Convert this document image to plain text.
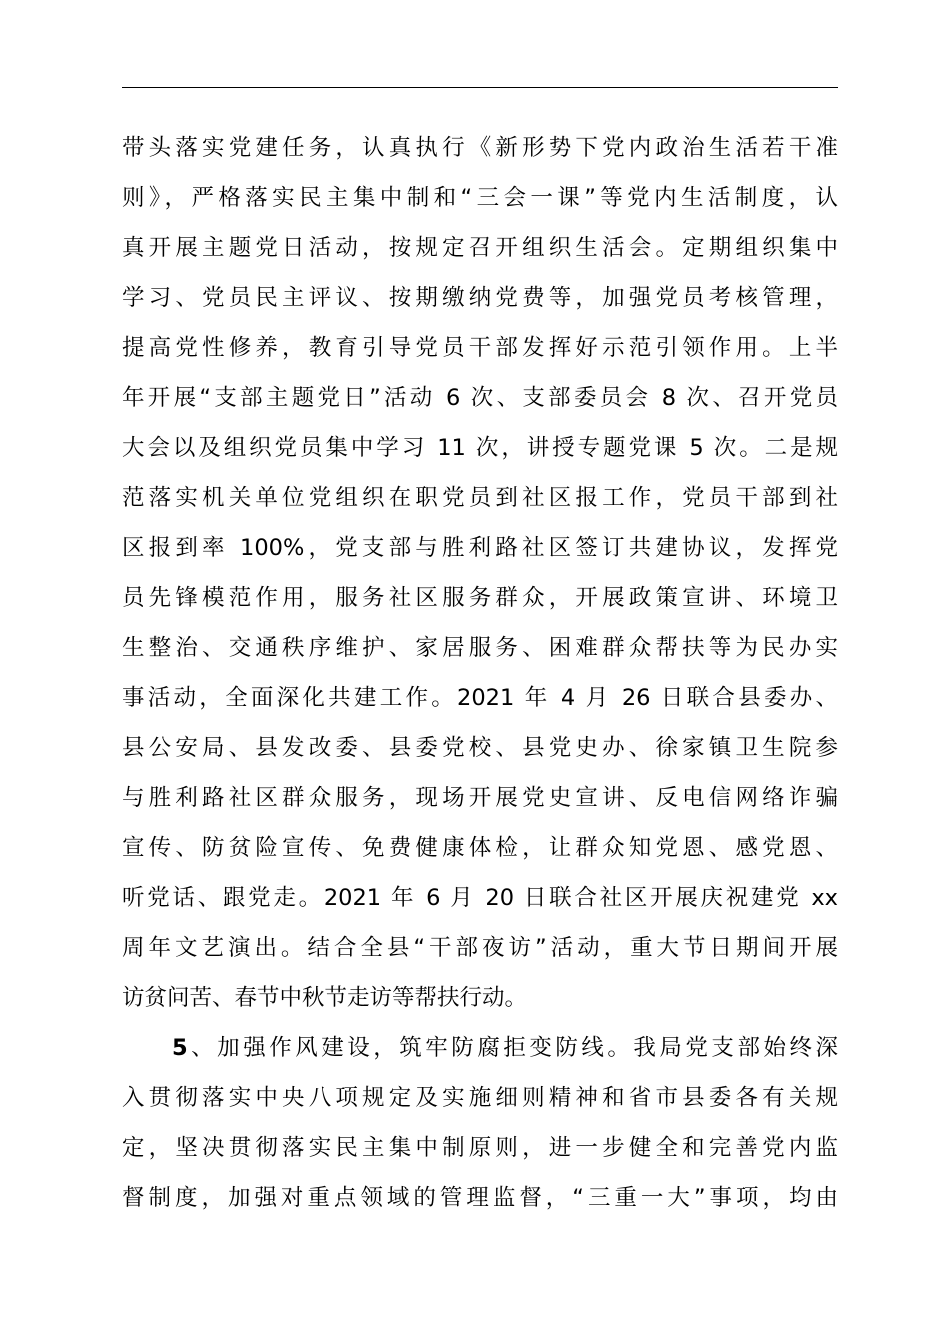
带头落实党建任务，认真执行《新形势下党内政治生活若干准
则》，严格落实民主集中制和“三会一课”等党内生活制度，认
真开展主题党日活动，按规定召开组织生活会。定期组织集中
学习、党员民主评议、按期缴纳党费等，加强党员考核管理，
提高党性修养，教育引导党员干部发挥好示范引领作用。上半
年开展“支部主题党日”活动 6 次、支部委员会 8 次、召开党员
大会以及组织党员集中学习 11 次，讲授专题党课 5 次。二是规
范落实机关单位党组织在职党员到社区报工作，党员干部到社
区报到率 100%，党支部与胜利路社区签订共建协议，发挥党
员先锋模范作用，服务社区服务群众，开展政策宣讲、环境卫
生整治、交通秩序维护、家居服务、困难群众帮扶等为民办实
事活动，全面深化共建工作。2021 年 4 月 26 日联合县委办、
县公安局、县发改委、县委党校、县党史办、徐家镇卫生院参
与胜利路社区群众服务，现场开展党史宣讲、反电信网络诈骗
宣传、防贫险宣传、免费健康体检，让群众知党恩、感党恩、
听党话、跟党走。2021 年 6 月 20 日联合社区开展庆祝建党 xx
周年文艺演出。结合全县“干部夜访”活动，重大节日期间开展
访贫问苦、春节中秋节走访等帮扶行动。
5、加强作风建设，筑牢防腐拒变防线。我局党支部始终深
入贯彻落实中央八项规定及实施细则精神和省市县委各有关规
定，坚决贯彻落实民主集中制原则，进一步健全和完善党内监
督制度，加强对重点领域的管理监督，“三重一大”事项，均由
